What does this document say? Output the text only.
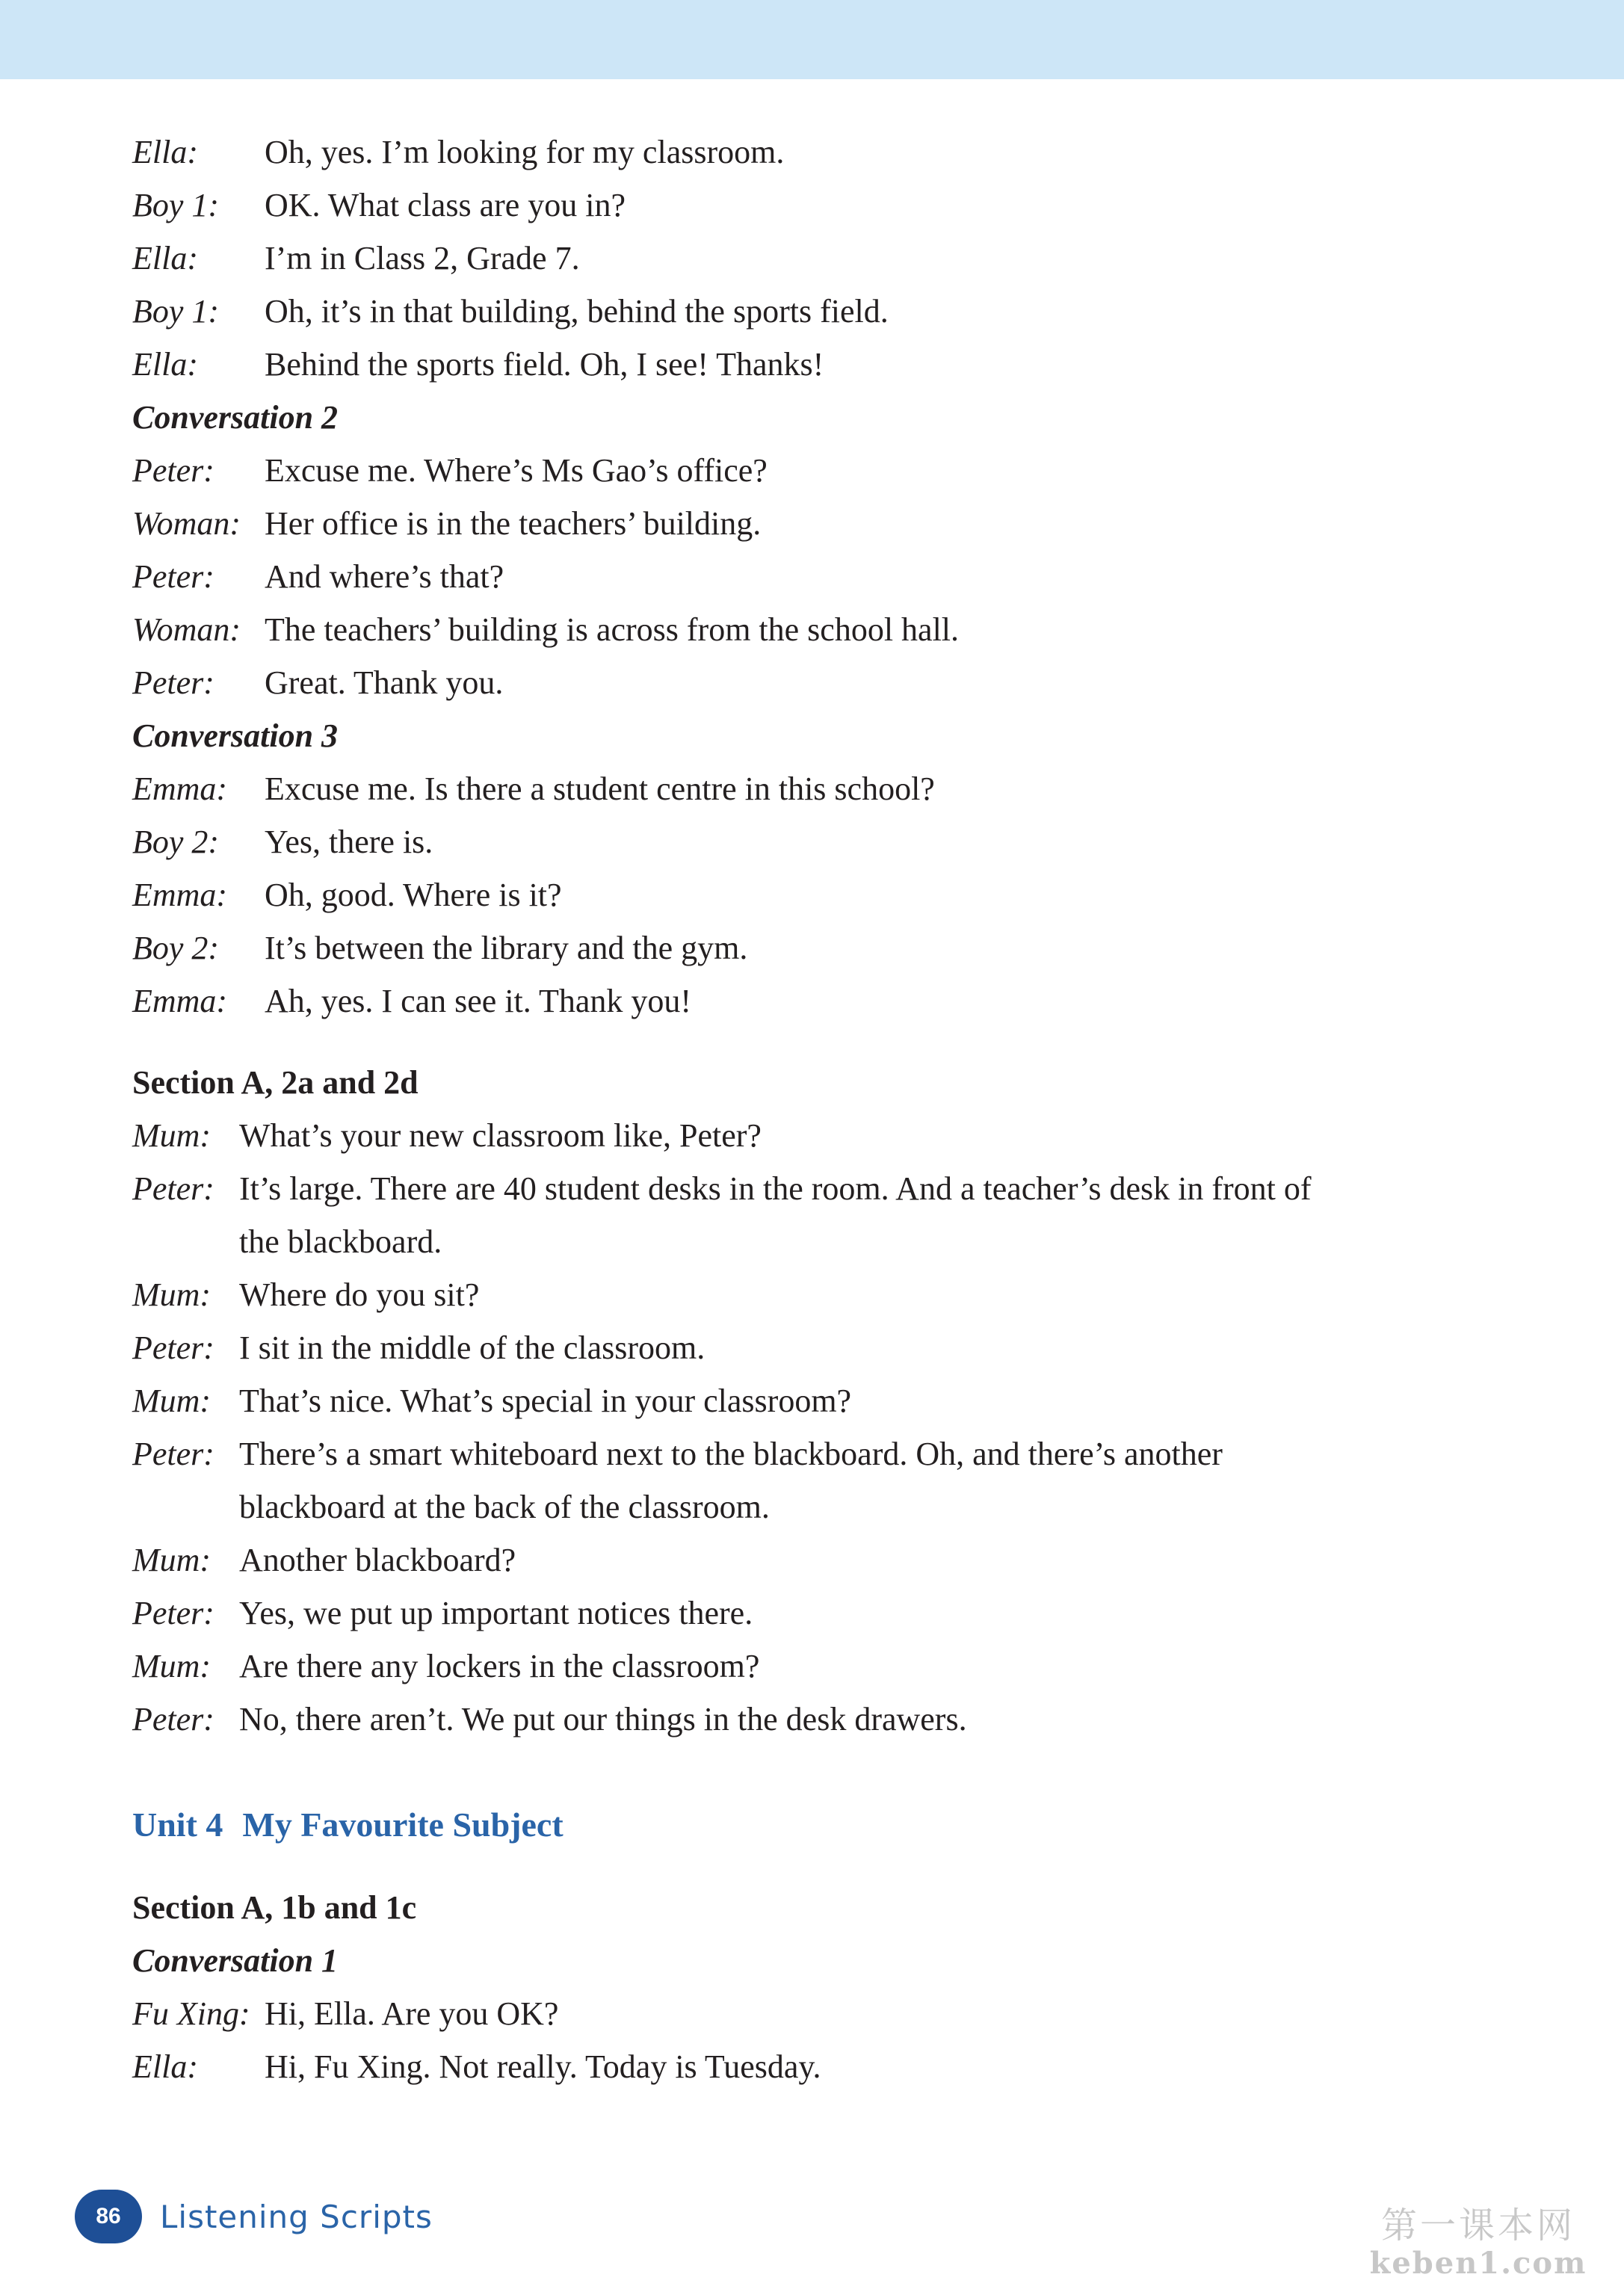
Ella:	Oh, yes. I’m looking for my classroom.
Boy 1:	OK. What class are you in?
Ella:	I’m in Class 2, Grade 7.
Boy 1:	Oh, it’s in that building, behind the sports field.
Ella:	Behind the sports field. Oh, I see! Thanks!
Conversation 2
Peter:	Excuse me. Where’s Ms Gao’s office?
Woman: Her office is in the teachers’ building.
Peter:	And where’s that?
Woman: The teachers’ building is across from the school hall.
Peter:	Great. Thank you.
Conversation 3
Emma:	Excuse me. Is there a student centre in this school?
Boy 2:	Yes, there is.
Emma:	Oh, good. Where is it?
Boy 2:	It’s between the library and the gym.
Emma:	Ah, yes. I can see it. Thank you!
Section A, 2a and 2d
Mum: What’s your new classroom like, Peter?
Peter: It’s large. There are 40 student desks in the room. And a teacher’s desk in front of
the blackboard.
Mum: Where do you sit?
Peter: I sit in the middle of the classroom.
Mum: That’s nice. What’s special in your classroom?
Peter: There’s a smart whiteboard next to the blackboard. Oh, and there’s another
blackboard at the back of the classroom.
Mum: Another blackboard?
Peter: Yes, we put up important notices there.
Mum: Are there any lockers in the classroom?
Peter: No, there aren’t. We put our things in the desk drawers.
Unit 4 My Favourite Subject
Section A, 1b and 1c
Conversation 1
Fu Xing: Hi, Ella. Are you OK?
Ella:	Hi, Fu Xing. Not really. Today is Tuesday.
86	Listening Scripts	第一课本网
keben1.com
